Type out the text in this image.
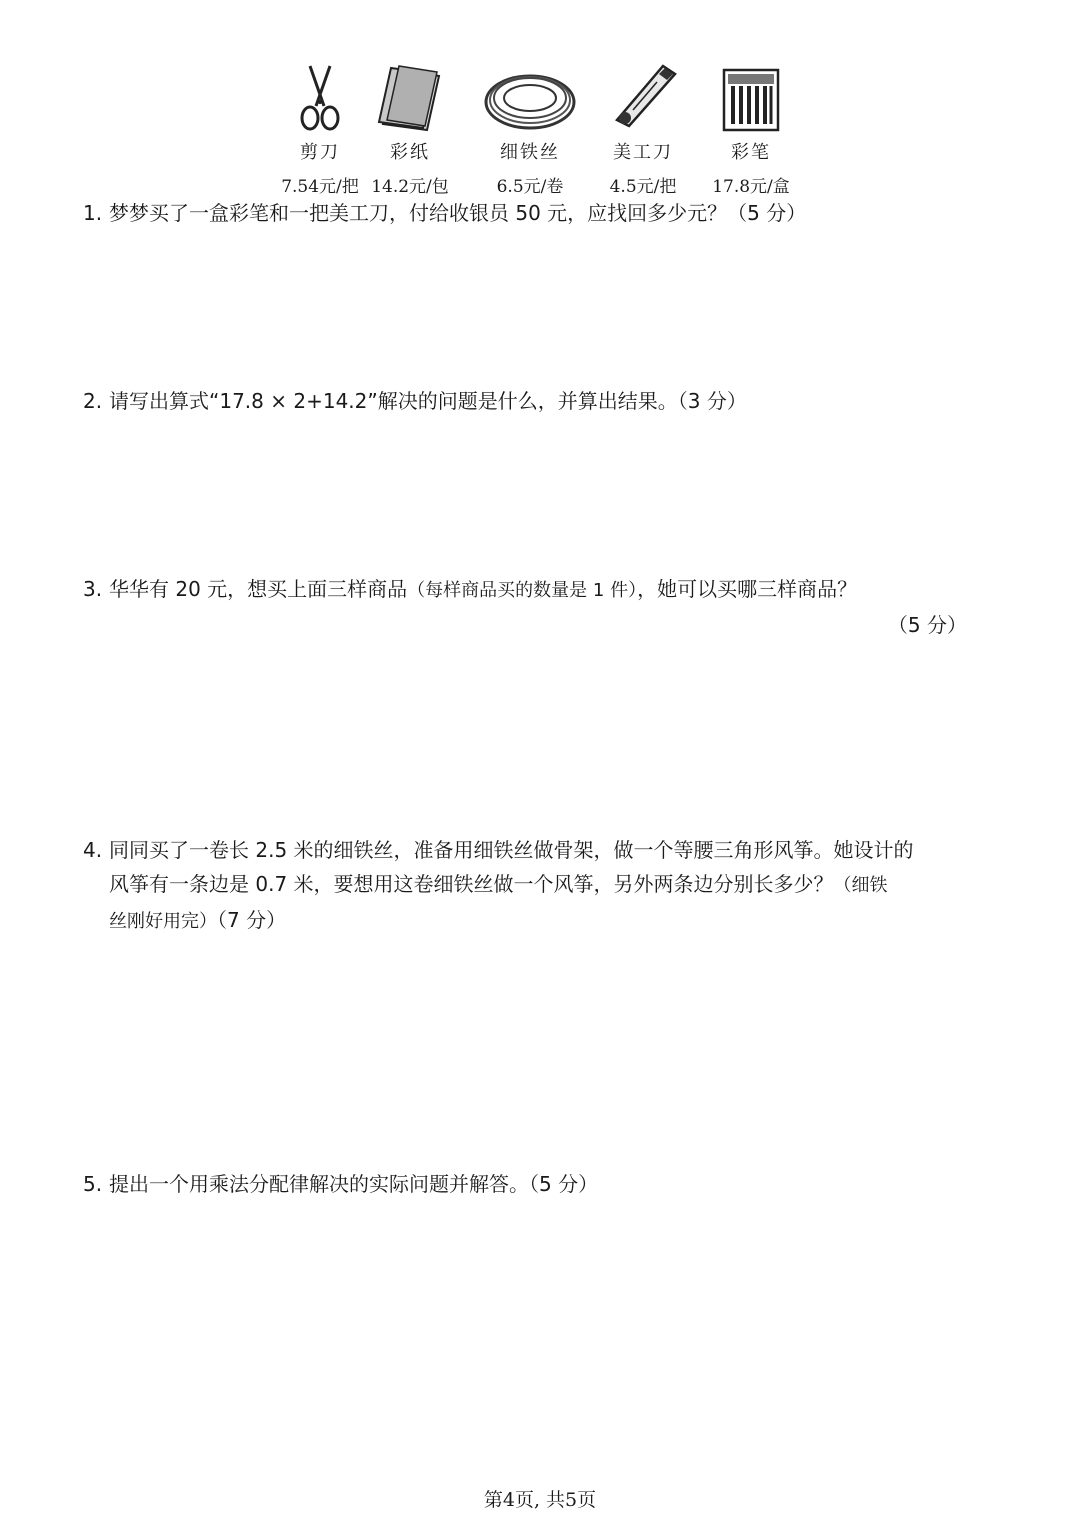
剪刀
7.54元/把
彩纸
14.2元/包
细铁丝
6.5元/卷
美工刀
4.5元/把
彩笔
17.8元/盒
1. 梦梦买了一盒彩笔和一把美工刀，付给收银员 50 元，应找回多少元？（5 分）
2. 请写出算式“17.8 × 2+14.2”解决的问题是什么，并算出结果。（3 分）
3. 华华有 20 元，想买上面三样商品（每样商品买的数量是 1 件），她可以买哪三样商品？
（5 分）
4. 同同买了一卷长 2.5 米的细铁丝，准备用细铁丝做骨架，做一个等腰三角形风筝。她设计的
风筝有一条边是 0.7 米，要想用这卷细铁丝做一个风筝，另外两条边分别长多少？（细铁
丝刚好用完）（7 分）
5. 提出一个用乘法分配律解决的实际问题并解答。（5 分）
第4页, 共5页
